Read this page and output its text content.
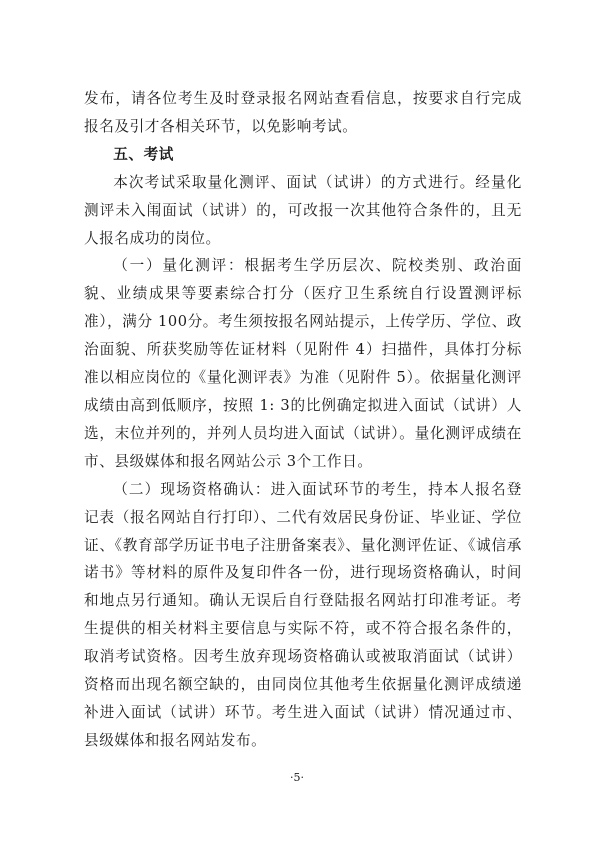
发布，请各位考生及时登录报名网站查看信息，按要求自行完成报名及引才各相关环节，以免影响考试。

五、考试

本次考试采取量化测评、面试（试讲）的方式进行。经量化测评未入闱面试（试讲）的，可改报一次其他符合条件的，且无人报名成功的岗位。

（一）量化测评：根据考生学历层次、院校类别、政治面貌、业绩成果等要素综合打分（医疗卫生系统自行设置测评标准），满分 100分。考生须按报名网站提示，上传学历、学位、政治面貌、所获奖励等佐证材料（见附件 4）扫描件，具体打分标准以相应岗位的《量化测评表》为准（见附件 5）。依据量化测评成绩由高到低顺序，按照 1: 3的比例确定拟进入面试（试讲）人选，末位并列的，并列人员均进入面试（试讲）。量化测评成绩在市、县级媒体和报名网站公示 3个工作日。

（二）现场资格确认：进入面试环节的考生，持本人报名登记表（报名网站自行打印）、二代有效居民身份证、毕业证、学位证、《教育部学历证书电子注册备案表》、量化测评佐证、《诚信承诺书》等材料的原件及复印件各一份，进行现场资格确认，时间和地点另行通知。确认无误后自行登陆报名网站打印准考证。考生提供的相关材料主要信息与实际不符，或不符合报名条件的，取消考试资格。因考生放弃现场资格确认或被取消面试（试讲）资格而出现名额空缺的，由同岗位其他考生依据量化测评成绩递补进入面试（试讲）环节。考生进入面试（试讲）情况通过市、县级媒体和报名网站发布。

·5·
